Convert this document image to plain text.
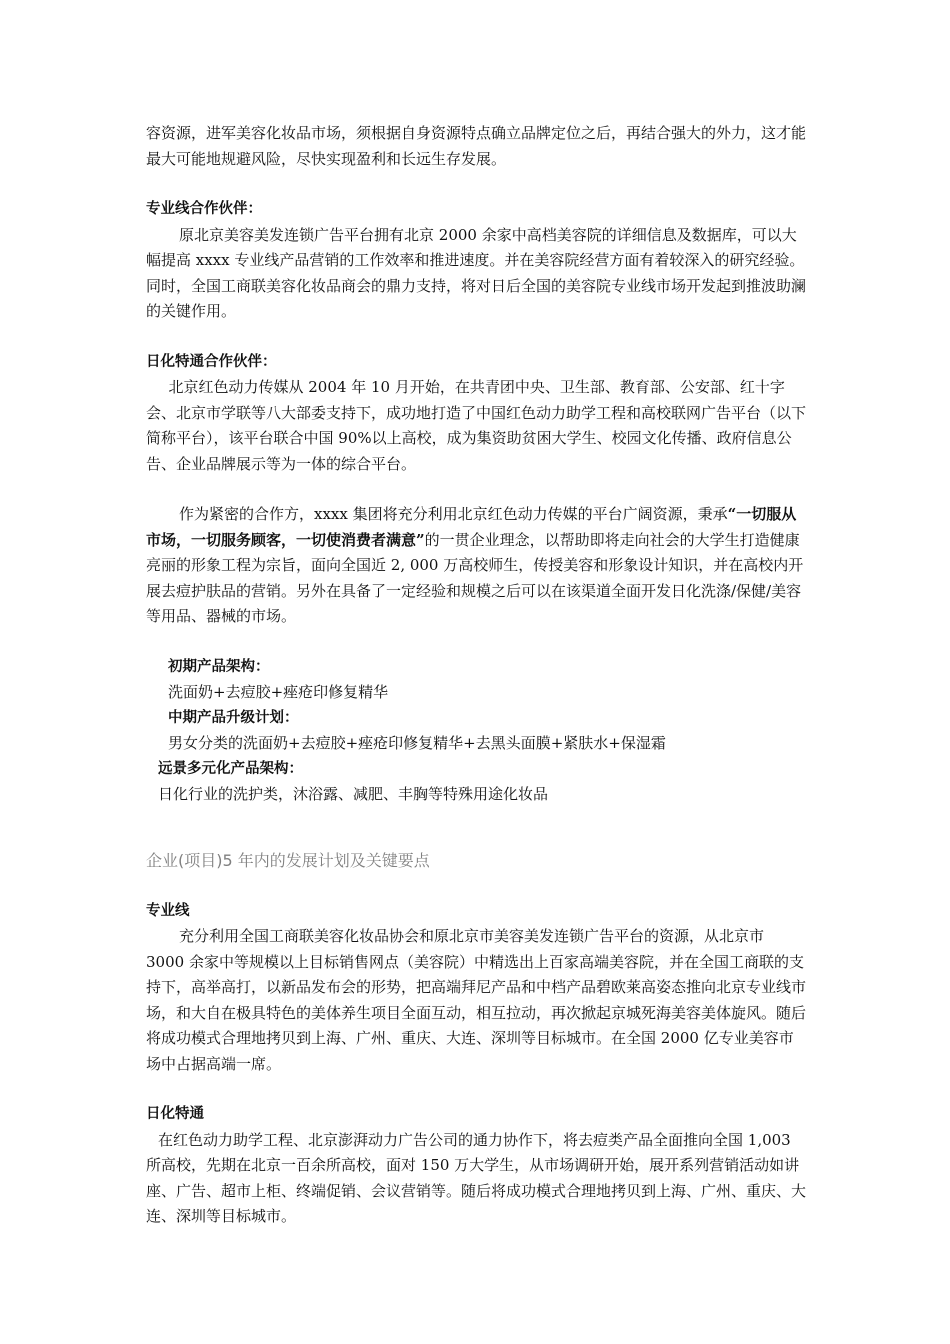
容资源，进军美容化妆品市场，须根据自身资源特点确立品牌定位之后，再结合强大的外力，这才能最大可能地规避风险，尽快实现盈利和长远生存发展。

专业线合作伙伴：

原北京美容美发连锁广告平台拥有北京 2000 余家中高档美容院的详细信息及数据库，可以大幅提高 xxxx 专业线产品营销的工作效率和推进速度。并在美容院经营方面有着较深入的研究经验。同时，全国工商联美容化妆品商会的鼎力支持，将对日后全国的美容院专业线市场开发起到推波助澜的关键作用。

日化特通合作伙伴：

北京红色动力传媒从 2004 年 10 月开始，在共青团中央、卫生部、教育部、公安部、红十字会、北京市学联等八大部委支持下，成功地打造了中国红色动力助学工程和高校联网广告平台（以下简称平台），该平台联合中国 90%以上高校，成为集资助贫困大学生、校园文化传播、政府信息公告、企业品牌展示等为一体的综合平台。

作为紧密的合作方，xxxx 集团将充分利用北京红色动力传媒的平台广阔资源，秉承“一切服从市场，一切服务顾客，一切使消费者满意”的一贯企业理念，以帮助即将走向社会的大学生打造健康亮丽的形象工程为宗旨，面向全国近 2, 000 万高校师生，传授美容和形象设计知识，并在高校内开展去痘护肤品的营销。另外在具备了一定经验和规模之后可以在该渠道全面开发日化洗涤/保健/美容等用品、器械的市场。

初期产品架构：

洗面奶+去痘胶+痤疮印修复精华

中期产品升级计划：

男女分类的洗面奶+去痘胶+痤疮印修复精华+去黑头面膜+紧肤水+保湿霜

远景多元化产品架构：

日化行业的洗护类，沐浴露、减肥、丰胸等特殊用途化妆品

企业(项目)5 年内的发展计划及关键要点

专业线

充分利用全国工商联美容化妆品协会和原北京市美容美发连锁广告平台的资源，从北京市 3000 余家中等规模以上目标销售网点（美容院）中精选出上百家高端美容院，并在全国工商联的支持下，高举高打，以新品发布会的形势，把高端拜尼产品和中档产品碧欧莱高姿态推向北京专业线市场，和大自在极具特色的美体养生项目全面互动，相互拉动，再次掀起京城死海美容美体旋风。随后将成功模式合理地拷贝到上海、广州、重庆、大连、深圳等目标城市。在全国 2000 亿专业美容市场中占据高端一席。

日化特通

在红色动力助学工程、北京澎湃动力广告公司的通力协作下，将去痘类产品全面推向全国 1,003 所高校，先期在北京一百余所高校，面对 150 万大学生，从市场调研开始，展开系列营销活动如讲座、广告、超市上柜、终端促销、会议营销等。随后将成功模式合理地拷贝到上海、广州、重庆、大连、深圳等目标城市。
